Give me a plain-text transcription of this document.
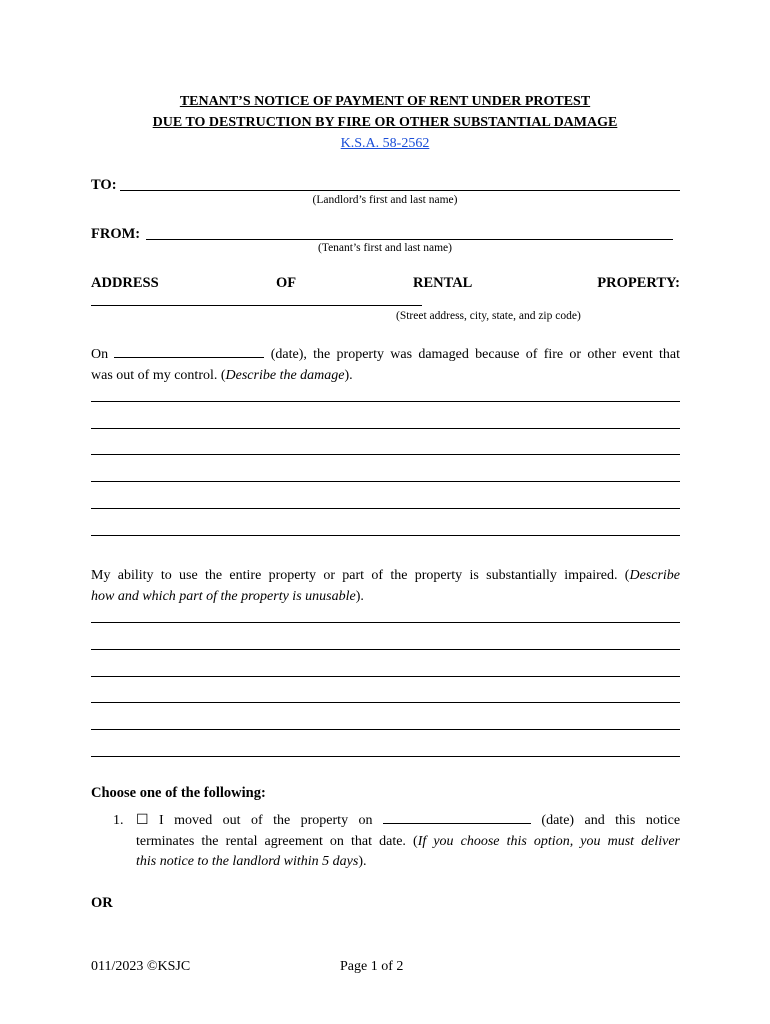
TENANT’S NOTICE OF PAYMENT OF RENT UNDER PROTEST
DUE TO DESTRUCTION BY FIRE OR OTHER SUBSTANTIAL DAMAGE
K.S.A. 58-2562
TO:
(Landlord’s first and last name)
FROM:
(Tenant’s first and last name)
ADDRESS	OF	RENTAL	PROPERTY:
(Street address, city, state, and zip code)
On	(date), the property was damaged because of fire or other event that
was out of my control. (Describe the damage).
My ability to use the entire property or part of the property is substantially impaired. (Describe
how and which part of the property is unusable).
Choose one of the following:
1. ☐ I moved out of the property on	(date) and this notice
terminates the rental agreement on that date. (If you choose this option, you must deliver
this notice to the landlord within 5 days).
OR
011/2023 ©KSJC	Page 1 of 2
